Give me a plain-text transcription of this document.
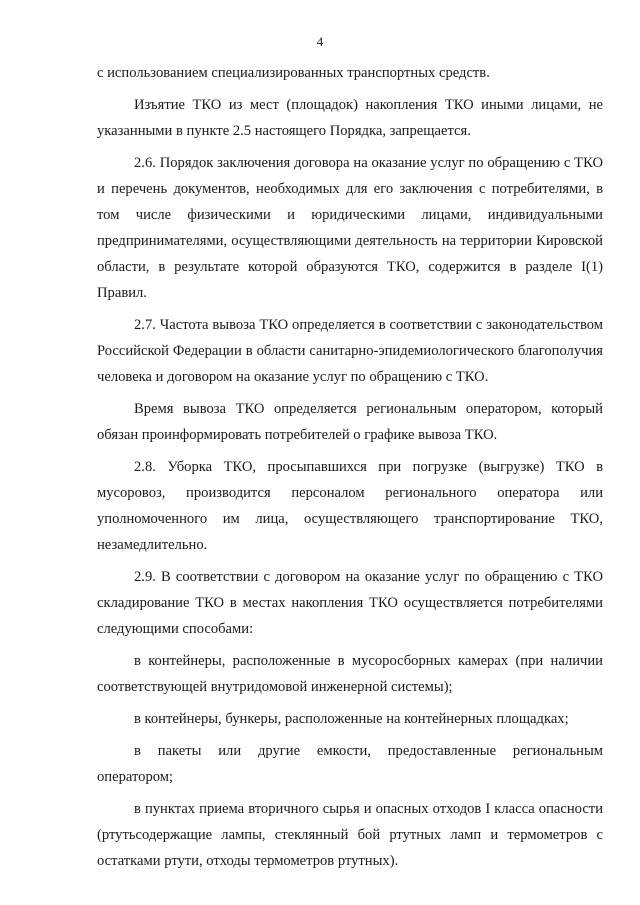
4

с использованием специализированных транспортных средств.

Изъятие ТКО из мест (площадок) накопления ТКО иными лицами, не указанными в пункте 2.5 настоящего Порядка, запрещается.

2.6. Порядок заключения договора на оказание услуг по обращению с ТКО и перечень документов, необходимых для его заключения с потребителями, в том числе физическими и юридическими лицами, индивидуальными предпринимателями, осуществляющими деятельность на территории Кировской области, в результате которой образуются ТКО, содержится в разделе I(1) Правил.

2.7. Частота вывоза ТКО определяется в соответствии с законодательством Российской Федерации в области санитарно-эпидемиологического благополучия человека и договором на оказание услуг по обращению с ТКО.

Время вывоза ТКО определяется региональным оператором, который обязан проинформировать потребителей о графике вывоза ТКО.

2.8. Уборка ТКО, просыпавшихся при погрузке (выгрузке) ТКО в мусоровоз, производится персоналом регионального оператора или уполномоченного им лица, осуществляющего транспортирование ТКО, незамедлительно.

2.9. В соответствии с договором на оказание услуг по обращению с ТКО складирование ТКО в местах накопления ТКО осуществляется потребителями следующими способами:

в контейнеры, расположенные в мусоросборных камерах (при наличии соответствующей внутридомовой инженерной системы);

в контейнеры, бункеры, расположенные на контейнерных площадках;

в пакеты или другие емкости, предоставленные региональным оператором;

в пунктах приема вторичного сырья и опасных отходов I класса опасности (ртутьсодержащие лампы, стеклянный бой ртутных ламп и термометров с остатками ртути, отходы термометров ртутных).
